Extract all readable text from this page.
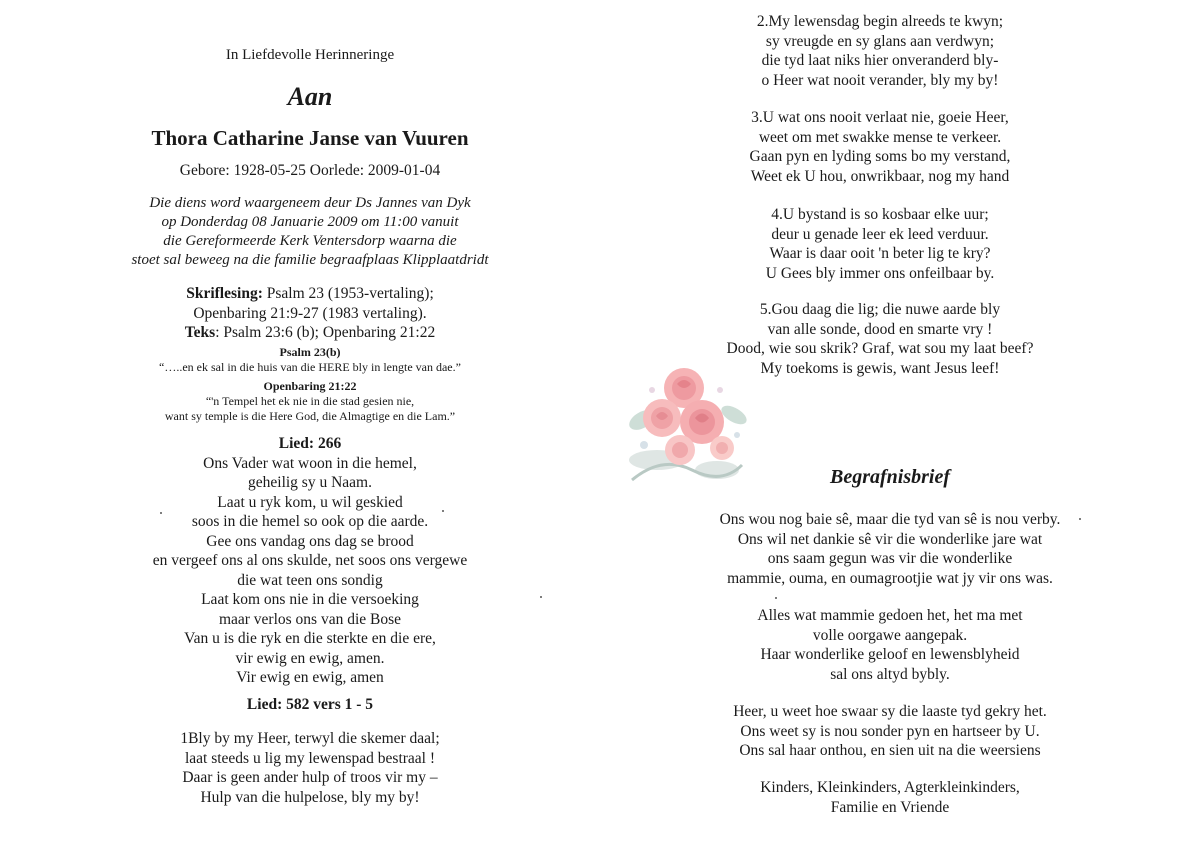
In Liefdevolle Herinneringe

Aan

Thora Catharine Janse van Vuuren

Gebore: 1928-05-25 Oorlede: 2009-01-04

Die diens word waargeneem deur Ds Jannes van Dyk

op Donderdag 08 Januarie 2009 om 11:00 vanuit

die Gereformeerde Kerk Ventersdorp waarna die

stoet sal beweeg na die familie begraafplaas Klipplaatdridt

Skriflesing: Psalm 23 (1953-vertaling);

Openbaring 21:9-27 (1983 vertaling).

Teks: Psalm 23:6 (b); Openbaring 21:22

Psalm 23(b)

“…..en ek sal in die huis van die HERE bly in lengte van dae.”

Openbaring 21:22

“'n Tempel het ek nie in die stad gesien nie,

want sy temple is die Here God, die Almagtige en die Lam.”

Lied: 266

Ons Vader wat woon in die hemel,

geheilig sy u Naam.

Laat u ryk kom, u wil geskied

soos in die hemel so ook op die aarde.

Gee ons vandag ons dag se brood

en vergeef ons al ons skulde, net soos ons vergewe

die wat teen ons sondig

Laat kom ons nie in die versoeking

maar verlos ons van die Bose

Van u is die ryk en die sterkte en die ere,

vir ewig en ewig, amen.

Vir ewig en ewig, amen

Lied: 582 vers 1 - 5

1Bly by my Heer, terwyl die skemer daal;

laat steeds u lig my lewenspad bestraal !

Daar is geen ander hulp of troos vir my –

Hulp van die hulpelose, bly my by!

2.My lewensdag begin alreeds te kwyn;

sy vreugde en sy glans aan verdwyn;

die tyd laat niks hier onveranderd bly-

o Heer wat nooit verander, bly my by!

3.U wat ons nooit verlaat nie, goeie Heer,

weet om met swakke mense te verkeer.

Gaan pyn en lyding soms bo my verstand,

Weet ek U hou, onwrikbaar, nog my hand

4.U bystand is so kosbaar elke uur;

deur u genade leer ek leed verduur.

Waar is daar ooit 'n beter lig te kry?

U Gees bly immer ons onfeilbaar by.

5.Gou daag die lig; die nuwe aarde bly

van alle sonde, dood en smarte vry !

Dood, wie sou skrik? Graf, wat sou my laat beef?

My toekoms is gewis, want Jesus leef!

Begrafnisbrief

Ons wou nog baie sê, maar die tyd van sê is nou verby.

Ons wil net dankie sê vir die wonderlike jare wat

ons saam gegun was vir die wonderlike

mammie, ouma, en oumagrootjie wat jy vir ons was.

Alles wat mammie gedoen het, het ma met

volle oorgawe aangepak.

Haar wonderlike geloof en lewensblyheid

sal ons altyd bybly.

Heer, u weet hoe swaar sy die laaste tyd gekry het.

Ons weet sy is nou sonder pyn en hartseer by U.

Ons sal haar onthou, en sien uit na die weersiens

Kinders, Kleinkinders, Agterkleinkinders,

Familie en Vriende
